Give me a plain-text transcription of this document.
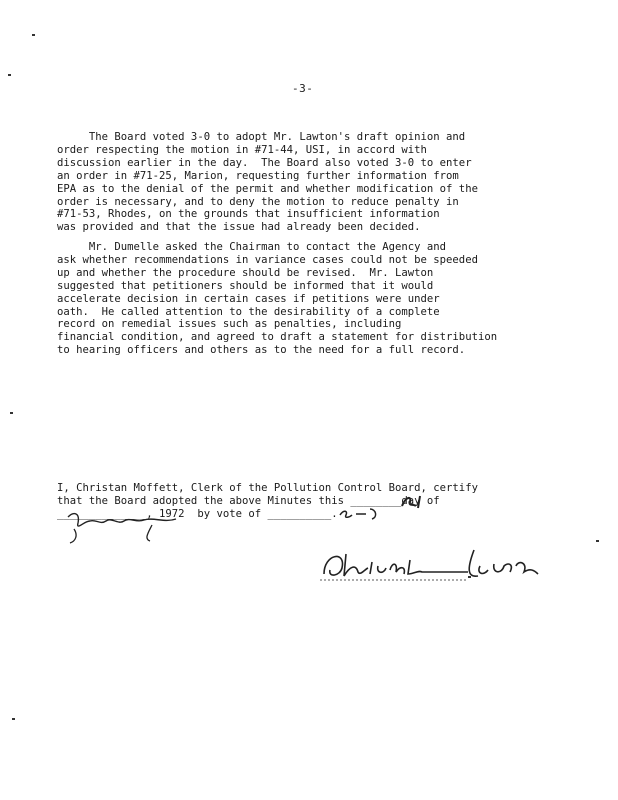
-3-
The Board voted 3-0 to adopt Mr. Lawton's draft opinion and
order respecting the motion in #71-44, USI, in accord with
discussion earlier in the day.  The Board also voted 3-0 to enter
an order in #71-25, Marion, requesting further information from
EPA as to the denial of the permit and whether modification of the
order is necessary, and to deny the motion to reduce penalty in
#71-53, Rhodes, on the grounds that insufficient information
was provided and that the issue had already been decided.
Mr. Dumelle asked the Chairman to contact the Agency and
ask whether recommendations in variance cases could not be speeded
up and whether the procedure should be revised.  Mr. Lawton
suggested that petitioners should be informed that it would
accelerate decision in certain cases if petitions were under
oath.  He called attention to the desirability of a complete
record on remedial issues such as penalties, including
financial condition, and agreed to draft a statement for distribution
to hearing officers and others as to the need for a full record.
I, Christan Moffett, Clerk of the Pollution Control Board, certify
that the Board adopted the above Minutes this ________day of
______________, 1972  by vote of __________.
